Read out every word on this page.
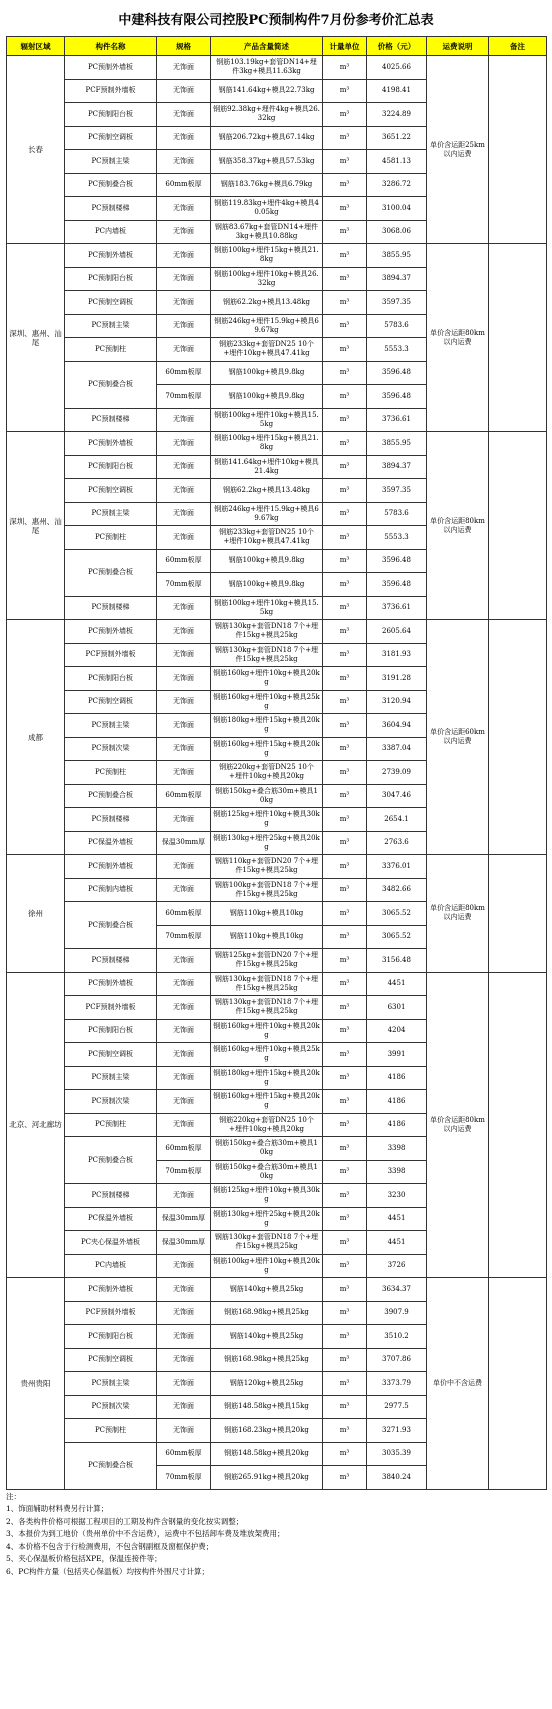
中建科技有限公司控股PC预制构件7月份参考价汇总表
辐射区域	构件名称	规格	产品含量简述	计量单位	价格（元）	运费说明	备注
长春	PC预制外墙板	无饰面	钢筋103.19kg+套管DN14+埋件3kg+模具11.63kg	m³	4025.66	单价含运距25km以内运费	
	PCF预制外墙板	无饰面	钢筋141.64kg+模具22.73kg	m³	4198.41		
	PC预制阳台板	无饰面	钢筋92.38kg+埋件4kg+模具26.32kg	m³	3224.89		
	PC预制空调板	无饰面	钢筋206.72kg+模具67.14kg	m³	3651.22		
	PC预制主梁	无饰面	钢筋358.37kg+模具57.53kg	m³	4581.13		
	PC预制叠合板	60mm板厚	钢筋183.76kg+模具6.79kg	m³	3286.72		
	PC预制楼梯	无饰面	钢筋119.83kg+埋件4kg+模具40.05kg	m³	3100.04		
	PC内墙板	无饰面	钢筋83.67kg+套管DN14+埋件3kg+模具10.88kg	m³	3068.06		
深圳、惠州、汕尾	PC预制外墙板	无饰面	钢筋100kg+埋件15kg+模具21.8kg	m³	3855.95	单价含运距80km以内运费	
	PC预制阳台板	无饰面	钢筋100kg+埋件10kg+模具26.32kg	m³	3894.37		
	PC预制空调板	无饰面	钢筋62.2kg+模具13.48kg	m³	3597.35		
	PC预制主梁	无饰面	钢筋246kg+埋件15.9kg+模具69.67kg	m³	5783.6		
	PC预制柱	无饰面	钢筋233kg+套管DN25 10个+埋件10kg+模具47.41kg	m³	5553.3		
	PC预制叠合板	60mm板厚	钢筋100kg+模具9.8kg	m³	3596.48		
		70mm板厚	钢筋100kg+模具9.8kg	m³	3596.48		
	PC预制楼梯	无饰面	钢筋100kg+埋件10kg+模具15.5kg	m³	3736.61		
深圳、惠州、汕尾	PC预制外墙板	无饰面	钢筋100kg+埋件15kg+模具21.8kg	m³	3855.95	单价含运距80km以内运费	
	PC预制阳台板	无饰面	钢筋141.64kg+埋件10kg+模具21.4kg	m³	3894.37		
	PC预制空调板	无饰面	钢筋62.2kg+模具13.48kg	m³	3597.35		
	PC预制主梁	无饰面	钢筋246kg+埋件15.9kg+模具69.67kg	m³	5783.6		
	PC预制柱	无饰面	钢筋233kg+套管DN25 10个+埋件10kg+模具47.41kg	m³	5553.3		
	PC预制叠合板	60mm板厚	钢筋100kg+模具9.8kg	m³	3596.48		
		70mm板厚	钢筋100kg+模具9.8kg	m³	3596.48		
	PC预制楼梯	无饰面	钢筋100kg+埋件10kg+模具15.5kg	m³	3736.61		
成都	PC预制外墙板	无饰面	钢筋130kg+套管DN18 7个+埋件15kg+模具25kg	m³	2605.64	单价含运距60km以内运费	
	PCF预制外墙板	无饰面	钢筋130kg+套管DN18 7个+埋件15kg+模具25kg	m³	3181.93		
	PC预制阳台板	无饰面	钢筋160kg+埋件10kg+模具20kg	m³	3191.28		
	PC预制空调板	无饰面	钢筋160kg+埋件10kg+模具25kg	m³	3120.94		
	PC预制主梁	无饰面	钢筋180kg+埋件15kg+模具20kg	m³	3604.94		
	PC预制次梁	无饰面	钢筋160kg+埋件15kg+模具20kg	m³	3387.04		
	PC预制柱	无饰面	钢筋220kg+套管DN25 10个+埋件10kg+模具20kg	m³	2739.09		
	PC预制叠合板	60mm板厚	钢筋150kg+叠合筋30m+模具10kg	m³	3047.46		
	PC预制楼梯	无饰面	钢筋125kg+埋件10kg+模具30kg	m³	2654.1		
	PC保温外墙板	保温30mm厚	钢筋130kg+埋件25kg+模具20kg	m³	2763.6		
徐州	PC预制外墙板	无饰面	钢筋110kg+套管DN20 7个+埋件15kg+模具25kg	m³	3376.01	单价含运距80km以内运费	
	PC预制内墙板	无饰面	钢筋100kg+套管DN18 7个+埋件15kg+模具25kg	m³	3482.66		
	PC预制叠合板	60mm板厚	钢筋110kg+模具10kg	m³	3065.52		
		70mm板厚	钢筋110kg+模具10kg	m³	3065.52		
	PC预制楼梯	无饰面	钢筋125kg+套管DN20 7个+埋件15kg+模具25kg	m³	3156.48		
北京、河北廊坊	PC预制外墙板	无饰面	钢筋130kg+套管DN18 7个+埋件15kg+模具25kg	m³	4451	单价含运距80km以内运费	
	PCF预制外墙板	无饰面	钢筋130kg+套管DN18 7个+埋件15kg+模具25kg	m³	6301		
	PC预制阳台板	无饰面	钢筋160kg+埋件10kg+模具20kg	m³	4204		
	PC预制空调板	无饰面	钢筋160kg+埋件10kg+模具25kg	m³	3991		
	PC预制主梁	无饰面	钢筋180kg+埋件15kg+模具20kg	m³	4186		
	PC预制次梁	无饰面	钢筋160kg+埋件15kg+模具20kg	m³	4186		
	PC预制柱	无饰面	钢筋220kg+套管DN25 10个+埋件10kg+模具20kg	m³	4186		
	PC预制叠合板	60mm板厚	钢筋150kg+叠合筋30m+模具10kg	m³	3398		
		70mm板厚	钢筋150kg+叠合筋30m+模具10kg	m³	3398		
	PC预制楼梯	无饰面	钢筋125kg+埋件10kg+模具30kg	m³	3230		
	PC保温外墙板	保温30mm厚	钢筋130kg+埋件25kg+模具20kg	m³	4451		
	PC夹心保温外墙板	保温30mm厚	钢筋130kg+套管DN18 7个+埋件15kg+模具25kg	m³	4451		
	PC内墙板	无饰面	钢筋100kg+埋件10kg+模具20kg	m³	3726		
贵州贵阳	PC预制外墙板	无饰面	钢筋140kg+模具25kg	m³	3634.37	单价中不含运费	
	PCF预制外墙板	无饰面	钢筋168.98kg+模具25kg	m³	3907.9		
	PC预制阳台板	无饰面	钢筋140kg+模具25kg	m³	3510.2		
	PC预制空调板	无饰面	钢筋168.98kg+模具25kg	m³	3707.86		
	PC预制主梁	无饰面	钢筋120kg+模具25kg	m³	3373.79		
	PC预制次梁	无饰面	钢筋148.58kg+模具15kg	m³	2977.5		
	PC预制柱	无饰面	钢筋168.23kg+模具20kg	m³	3271.93		
	PC预制叠合板	60mm板厚	钢筋148.58kg+模具20kg	m³	3035.39		
		70mm板厚	钢筋265.91kg+模具20kg	m³	3840.24		
注：
1、饰面辅助材料费另行计算；
2、各类构件价格可根据工程项目的工期及构件含钢量的变化按实调整；
3、本报价为到工地价（贵州单价中不含运费），运费中不包括卸车费及堆放架费用；
4、本价格不包含于行检测费用，不包含钢副框及窗框保护费；
5、夹心保温板价格包括XPE，保温连接件等；
6、PC构件方量（包括夹心保温板）均按构件外围尺寸计算；
